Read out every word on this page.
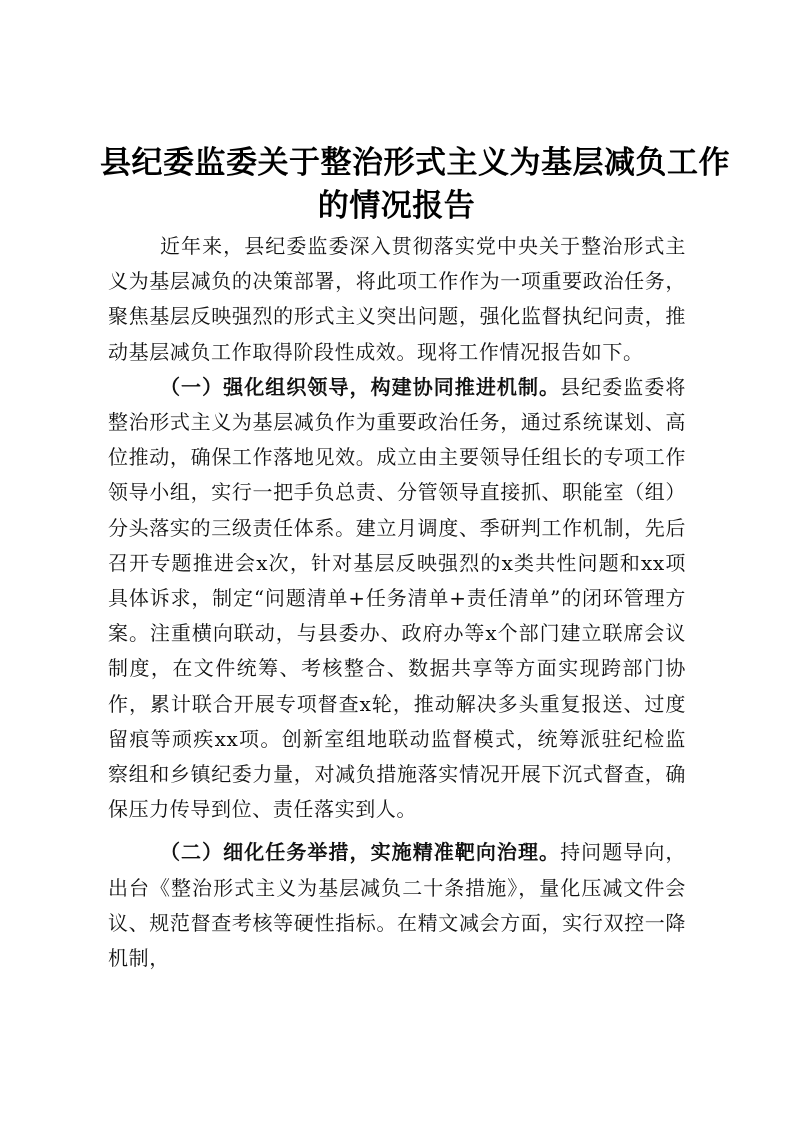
县纪委监委关于整治形式主义为基层减负工作
的情况报告

近年来，县纪委监委深入贯彻落实党中央关于整治形式主义为基层减负的决策部署，将此项工作作为一项重要政治任务，聚焦基层反映强烈的形式主义突出问题，强化监督执纪问责，推动基层减负工作取得阶段性成效。现将工作情况报告如下。

（一）强化组织领导，构建协同推进机制。县纪委监委将整治形式主义为基层减负作为重要政治任务，通过系统谋划、高位推动，确保工作落地见效。成立由主要领导任组长的专项工作领导小组，实行一把手负总责、分管领导直接抓、职能室（组）分头落实的三级责任体系。建立月调度、季研判工作机制，先后召开专题推进会x次，针对基层反映强烈的x类共性问题和xx项具体诉求，制定“问题清单+任务清单+责任清单”的闭环管理方案。注重横向联动，与县委办、政府办等x个部门建立联席会议制度，在文件统筹、考核整合、数据共享等方面实现跨部门协作，累计联合开展专项督查x轮，推动解决多头重复报送、过度留痕等顽疾xx项。创新室组地联动监督模式，统筹派驻纪检监察组和乡镇纪委力量，对减负措施落实情况开展下沉式督查，确保压力传导到位、责任落实到人。

（二）细化任务举措，实施精准靶向治理。持问题导向，出台《整治形式主义为基层减负二十条措施》，量化压减文件会议、规范督查考核等硬性指标。在精文减会方面，实行双控一降机制，
